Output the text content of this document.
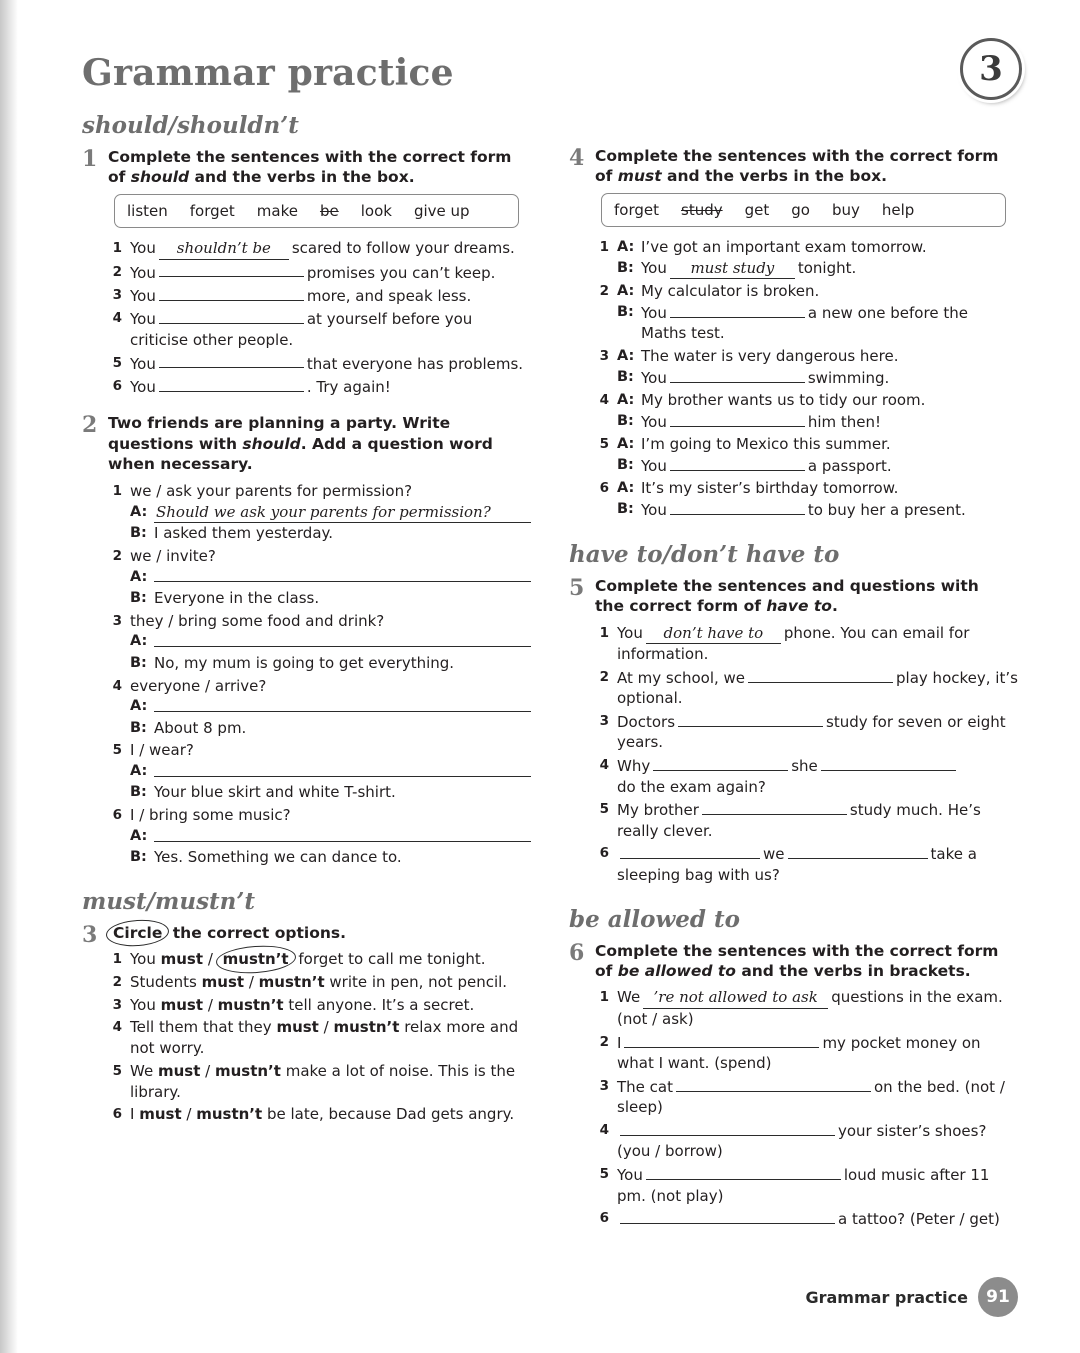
3
Grammar practice
should/shouldn’t
1 Complete the sentences with the correct form
of should and the verbs in the box.
listen forget make be look give up
1 You shouldn’t be scared to follow your dreams.
2 You	promises you can’t keep.
3 You	more, and speak less.
4 You	at yourself before you criticise other people.
5 You	that everyone has problems.
6 You	. Try again!
2 Two friends are planning a party. Write
questions with should. Add a question word
when necessary.
1 we / ask your parents for permission?
A: Should we ask your parents for permission?
B: I asked them yesterday.
2 we / invite?
A:
B: Everyone in the class.
3 they / bring some food and drink?
A:
B: No, my mum is going to get everything.
4 everyone / arrive?
A:
B: About 8 pm.
5 I / wear?
A:
B: Your blue skirt and white T-shirt.
6 I / bring some music?
A:
B: Yes. Something we can dance to.
must/mustn’t
3	Circle the correct options.
1 You must / mustn’t forget to call me tonight.
2 Students must / mustn’t write in pen, not pencil.
3 You must / mustn’t tell anyone. It’s a secret.
4 Tell them that they must / mustn’t relax more and not worry.
5 We must / mustn’t make a lot of noise. This is the library.
6 I must / mustn’t be late, because Dad gets angry.
4 Complete the sentences with the correct form
of must and the verbs in the box.
forget study get go buy help
1 A: I’ve got an important exam tomorrow.
B: You must study tonight.
2 A: My calculator is broken.
B: You	a new one before the Maths test.
3 A: The water is very dangerous here.
B: You	swimming.
4 A: My brother wants us to tidy our room.
B: You	him then!
5 A: I’m going to Mexico this summer.
B: You	a passport.
6 A: It’s my sister’s birthday tomorrow.
B: You	to buy her a present.
have to/don’t have to
5 Complete the sentences and questions with
the correct form of have to.
1 You don’t have to phone. You can email for information.
2 At my school, we	play hockey, it’s optional.
3 Doctors	study for seven or eight years.
4 Why	she
do the exam again?
5 My brother	study much. He’s really clever.
6	we	take a sleeping bag with us?
be allowed to
6 Complete the sentences with the correct form
of be allowed to and the verbs in brackets.
1 We ’re not allowed to ask questions in the exam. (not / ask)
2 I	my pocket money on what I want. (spend)
3 The cat	on the bed. (not / sleep)
4	your sister’s shoes? (you / borrow)
5 You	loud music after 11 pm. (not play)
6	a tattoo? (Peter / get)
Grammar practice	91
